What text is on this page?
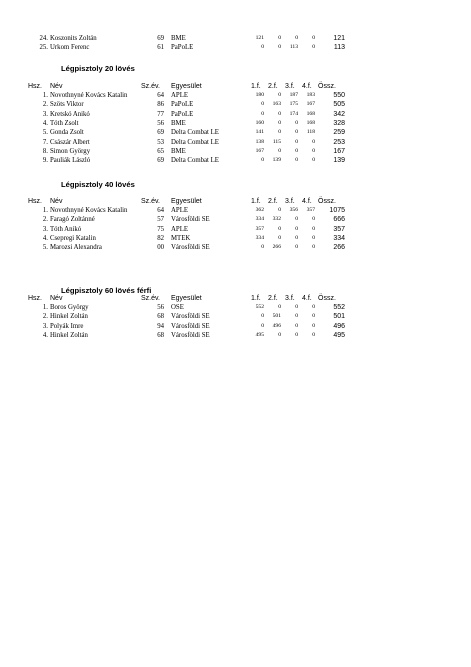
24. Koszonits Zoltán	69 BME	121	0	0	0	121
25. Urkom Ferenc	61 PaPoLE	0	0	113	0	113
Légpisztoly 20 lövés
Hsz. Név	Sz.év. Egyesület	1.f. 2.f. 3.f. 4.f. Össz.
1. Novothnyné Kovács Katalin	64 APLE	180	0	187	183	550
2. Szöts Viktor	86 PaPoLE	0	163	175	167	505
3. Kretskó Anikó	77 PaPoLE	0	0	174	168	342
4. Tóth Zsolt	56 BME	160	0	0	168	328
5. Gonda Zsolt	69 Delta Combat LE	141	0	0	118	259
7. Császár Albert	53 Delta Combat LE	138	115	0	0	253
8. Simon György	65 BME	167	0	0	0	167
9. Pauliák László	69 Delta Combat LE	0	139	0	0	139
Légpisztoly 40 lövés
Hsz. Név	Sz.év. Egyesület	1.f. 2.f. 3.f. 4.f. Össz.
1. Novothnyné Kovács Katalin	64 APLE	362	0	356	357	1075
2. Faragó Zoltánné	57 Városföldi SE	334	332	0	0	666
3. Tóth Anikó	75 APLE	357	0	0	0	357
4. Csepregi Katalin	82 MTEK	334	0	0	0	334
5. Marozsi Alexandra	00 Városföldi SE	0	266	0	0	266
Légpisztoly 60 lövés férfi
Hsz. Név	Sz.év. Egyesület	1.f. 2.f. 3.f. 4.f. Össz.
1. Boros György	56 OSE	552	0	0	0	552
2. Hinkel Zoltán	68 Városföldi SE	0	501	0	0	501
3. Polyák Imre	94 Városföldi SE	0	496	0	0	496
4. Hinkel Zoltán	68 Városföldi SE	495	0	0	0	495
